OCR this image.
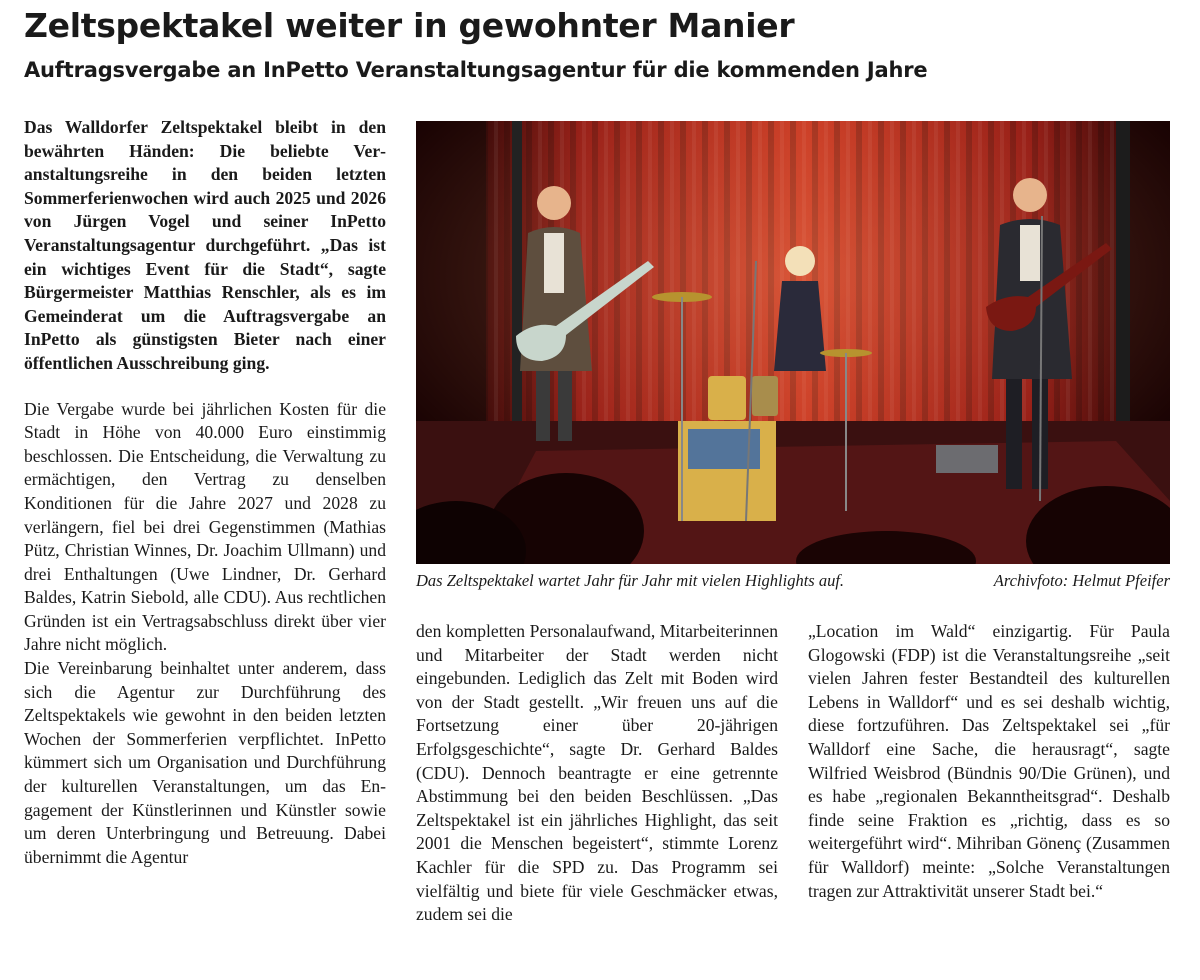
Zeltspektakel weiter in gewohnter Manier
Auftragsvergabe an InPetto Veranstaltungsagentur für die kommenden Jahre

Das Walldorfer Zeltspektakel bleibt in den bewährten Händen: Die beliebte Veranstaltungsreihe in den beiden letzten Sommerferienwochen wird auch 2025 und 2026 von Jürgen Vogel und seiner InPetto Veranstaltungsagentur durchgeführt. „Das ist ein wichtiges Event für die Stadt“, sagte Bürgermeister Matthias Renschler, als es im Gemeinderat um die Auftragsvergabe an InPetto als günstigsten Bieter nach einer öffentlichen Ausschreibung ging.

Die Vergabe wurde bei jährlichen Kosten für die Stadt in Höhe von 40.000 Euro einstimmig beschlossen. Die Entscheidung, die Verwaltung zu ermächtigen, den Vertrag zu denselben Konditionen für die Jahre 2027 und 2028 zu verlängern, fiel bei drei Gegenstimmen (Mathias Pütz, Christian Winnes, Dr. Joachim Ullmann) und drei Enthaltungen (Uwe Lindner, Dr. Gerhard Baldes, Katrin Siebold, alle CDU). Aus rechtlichen Gründen ist ein Vertragsabschluss direkt über vier Jahre nicht möglich.

Die Vereinbarung beinhaltet unter anderem, dass sich die Agentur zur Durchführung des Zeltspektakels wie gewohnt in den beiden letzten Wochen der Sommerferien verpflichtet. InPetto kümmert sich um Organisation und Durchführung der kulturellen Veranstaltungen, um das Engagement der Künstlerinnen und Künstler sowie um deren Unterbringung und Betreuung. Dabei übernimmt die Agentur

Das Zeltspektakel wartet Jahr für Jahr mit vielen Highlights auf.	Archivfoto: Helmut Pfeifer

den kompletten Personalaufwand, Mitarbeiterinnen und Mitarbeiter der Stadt werden nicht eingebunden. Lediglich das Zelt mit Boden wird von der Stadt gestellt. „Wir freuen uns auf die Fortsetzung einer über 20-jährigen Erfolgsgeschichte“, sagte Dr. Gerhard Baldes (CDU). Dennoch beantragte er eine getrennte Abstimmung bei den beiden Beschlüssen. „Das Zeltspektakel ist ein jährliches Highlight, das seit 2001 die Menschen begeistert“, stimmte Lorenz Kachler für die SPD zu. Das Programm sei vielfältig und biete für viele Geschmäcker etwas, zudem sei die

„Location im Wald“ einzigartig. Für Paula Glogowski (FDP) ist die Veranstaltungsreihe „seit vielen Jahren fester Bestandteil des kulturellen Lebens in Walldorf“ und es sei deshalb wichtig, diese fortzuführen. Das Zeltspektakel sei „für Walldorf eine Sache, die herausragt“, sagte Wilfried Weisbrod (Bündnis 90/Die Grünen), und es habe „regionalen Bekanntheitsgrad“. Deshalb finde seine Fraktion es „richtig, dass es so weitergeführt wird“. Mihriban Gönenç (Zusammen für Walldorf) meinte: „Solche Veranstaltungen tragen zur Attraktivität unserer Stadt bei.“
